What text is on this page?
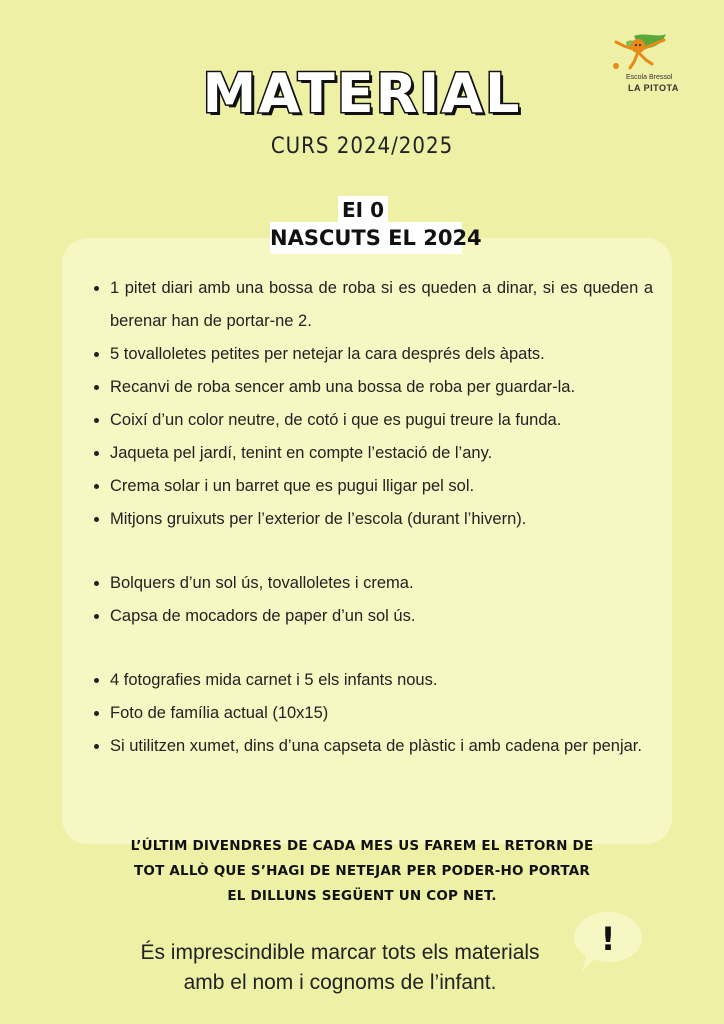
Escola Bressol
LA PITOTA
MATERIAL
CURS 2024/2025
EI 0
NASCUTS EL 2024
1 pitet diari amb una bossa de roba si es queden a dinar, si es queden a berenar han de portar-ne 2.
5 tovalloletes petites per netejar la cara després dels àpats.
Recanvi de roba sencer amb una bossa de roba per guardar-la.
Coixí d’un color neutre, de cotó i que es pugui treure la funda.
Jaqueta pel jardí, tenint en compte l’estació de l’any.
Crema solar i un barret que es pugui lligar pel sol.
Mitjons gruixuts per l’exterior de l’escola (durant l’hivern).
Bolquers d’un sol ús, tovalloletes i crema.
Capsa de mocadors de paper d’un sol ús.
4 fotografies mida carnet i 5 els infants nous.
Foto de família actual (10x15)
Si utilitzen xumet, dins d’una capseta de plàstic i amb cadena per penjar.
L’ÚLTIM DIVENDRES DE CADA MES US FAREM EL RETORN DE
TOT ALLÒ QUE S’HAGI DE NETEJAR PER PODER-HO PORTAR
EL DILLUNS SEGÜENT UN COP NET.
És imprescindible marcar tots els materials
amb el nom i cognoms de l’infant.
!
